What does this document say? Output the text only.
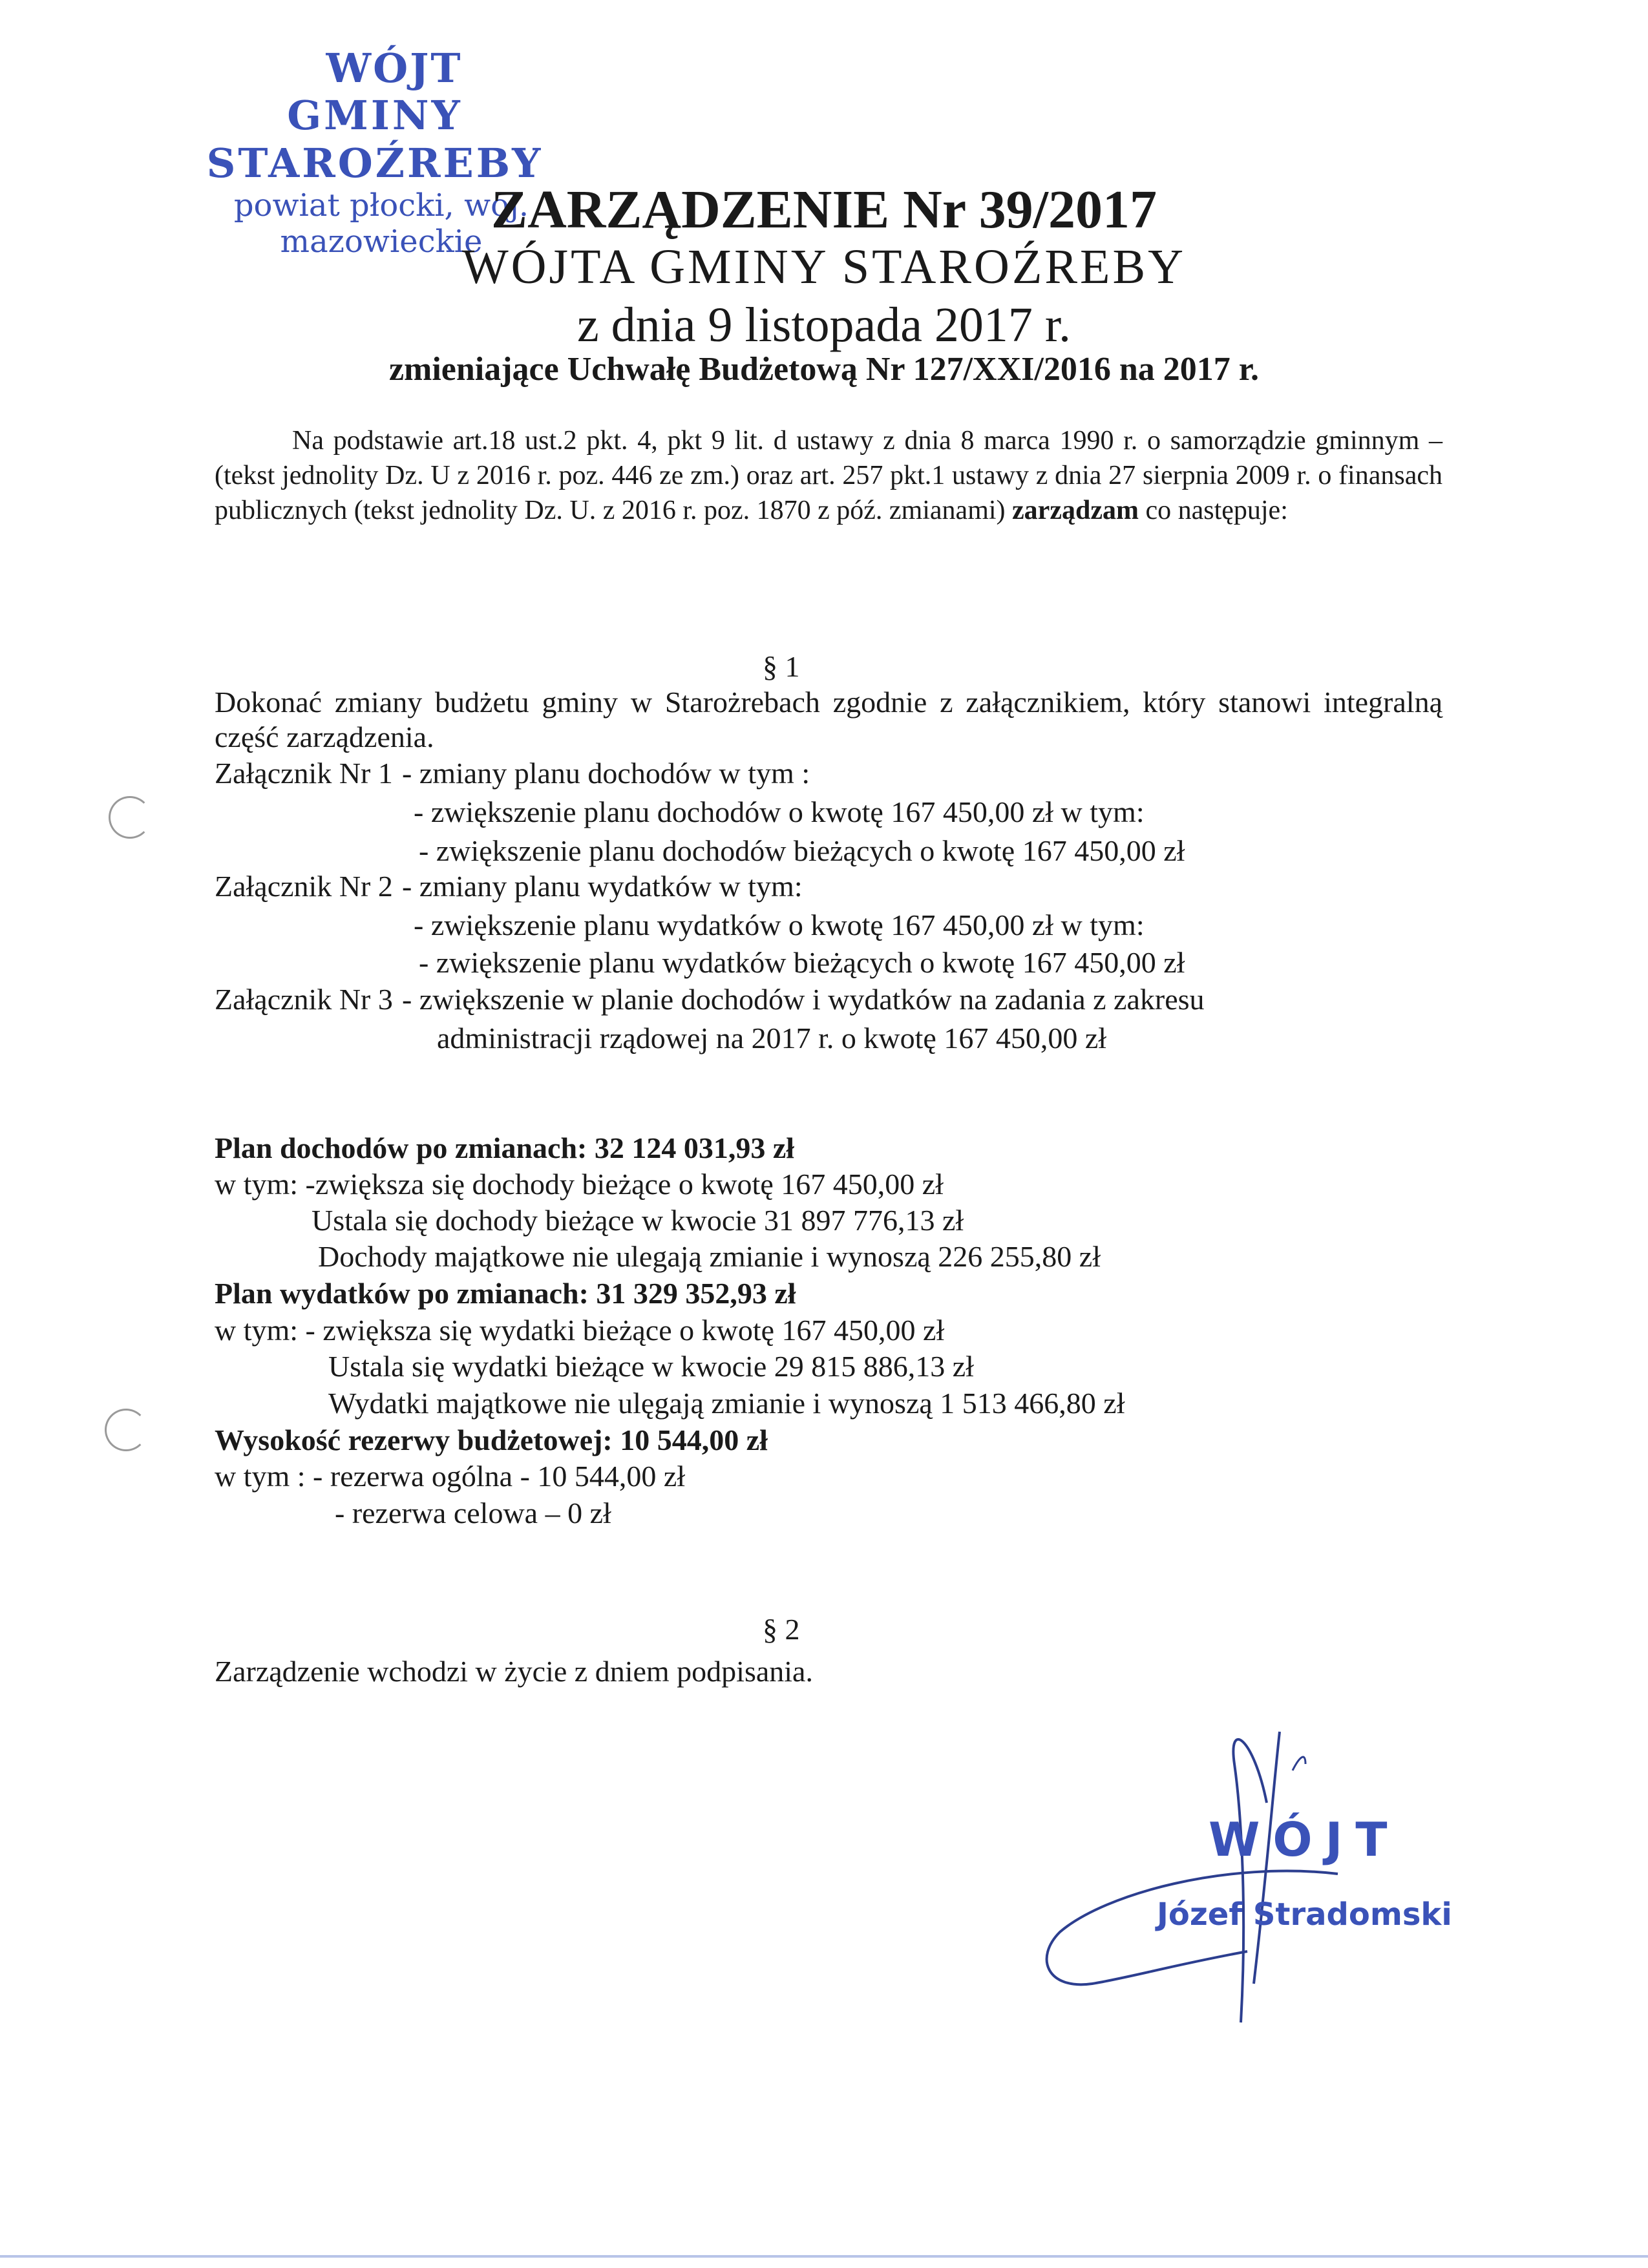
WÓJT
GMINY STAROŹREBY
powiat płocki, woj. mazowieckie
ZARZĄDZENIE Nr 39/2017
WÓJTA GMINY STAROŹREBY
z dnia 9 listopada 2017 r.
zmieniające Uchwałę Budżetową Nr 127/XXI/2016 na 2017 r.
Na podstawie art.18 ust.2 pkt. 4, pkt 9 lit. d ustawy z dnia 8 marca 1990 r. o samorządzie gminnym – (tekst jednolity Dz. U z 2016 r. poz. 446 ze zm.) oraz art. 257 pkt.1 ustawy z dnia 27 sierpnia 2009 r. o finansach publicznych (tekst jednolity Dz. U. z 2016 r. poz. 1870 z póź. zmianami) zarządzam co następuje:
§ 1
Dokonać zmiany budżetu gminy w Starożrebach zgodnie z załącznikiem, który stanowi integralną część zarządzenia.
Załącznik Nr 1 - zmiany planu dochodów w tym :
- zwiększenie planu dochodów o kwotę 167 450,00 zł w tym:
- zwiększenie planu dochodów bieżących o kwotę 167 450,00 zł
Załącznik Nr 2 - zmiany planu wydatków w tym:
- zwiększenie planu wydatków o kwotę 167 450,00 zł w tym:
- zwiększenie planu wydatków bieżących o kwotę 167 450,00 zł
Załącznik Nr 3 - zwiększenie w planie dochodów i wydatków na zadania z zakresu
administracji rządowej na 2017 r. o kwotę 167 450,00 zł
Plan dochodów po zmianach: 32 124 031,93 zł
w tym: -zwiększa się dochody bieżące o kwotę 167 450,00 zł
Ustala się dochody bieżące w kwocie 31 897 776,13 zł
Dochody majątkowe nie ulegają zmianie i wynoszą 226 255,80 zł
Plan wydatków po zmianach: 31 329 352,93 zł
w tym: - zwiększa się wydatki bieżące o kwotę 167 450,00 zł
Ustala się wydatki bieżące w kwocie 29 815 886,13 zł
Wydatki majątkowe nie ulęgają zmianie i wynoszą 1 513 466,80 zł
Wysokość rezerwy budżetowej: 10 544,00 zł
w tym : - rezerwa ogólna - 10 544,00 zł
- rezerwa celowa – 0 zł
§ 2
Zarządzenie wchodzi w życie z dniem podpisania.
WÓJT
Józef Stradomski
